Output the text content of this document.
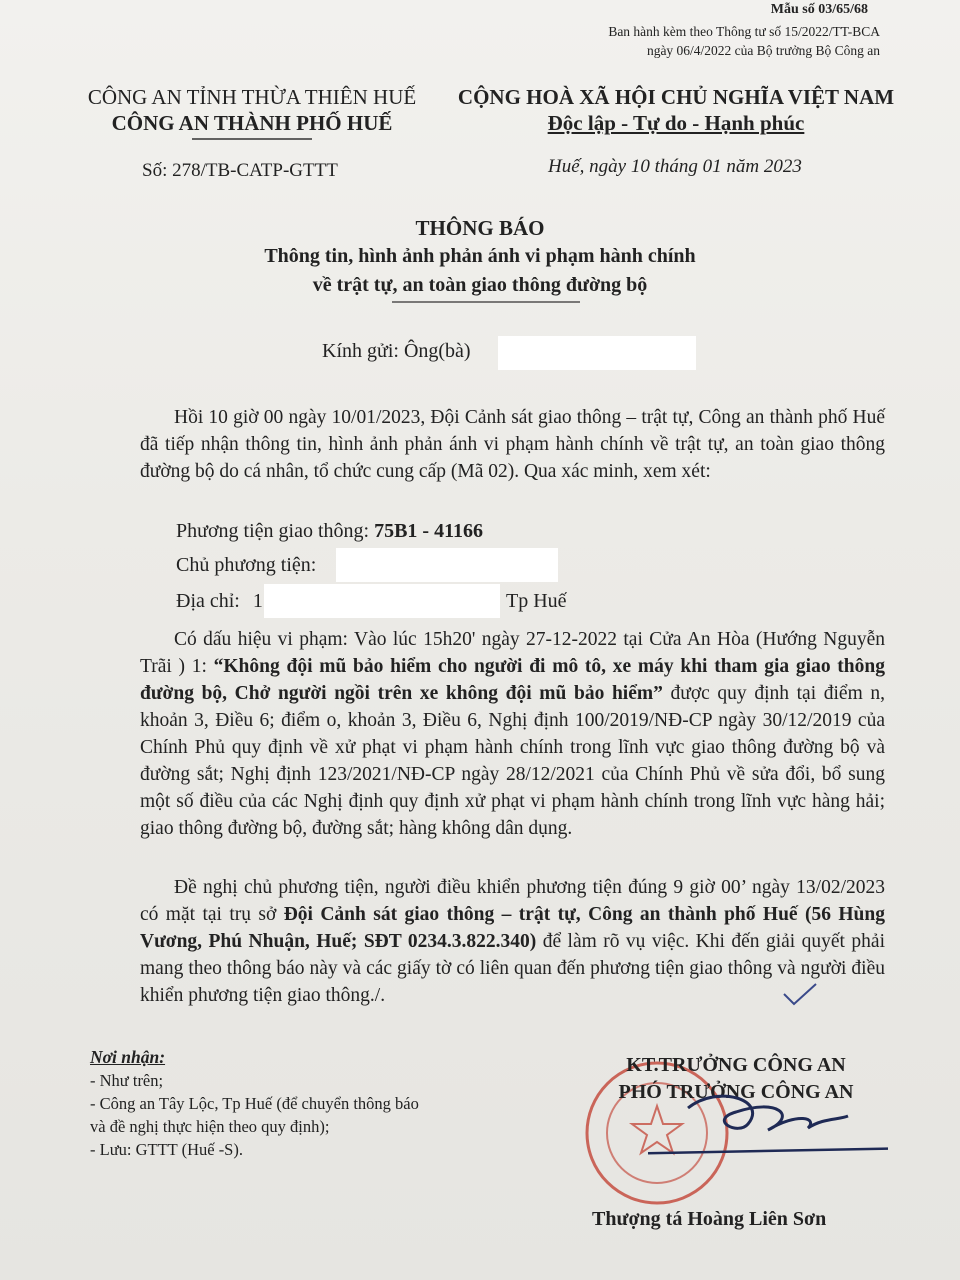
Mẫu số 03/65/68
Ban hành kèm theo Thông tư số 15/2022/TT-BCA
ngày 06/4/2022 của Bộ trưởng Bộ Công an
CÔNG AN TỈNH THỪA THIÊN HUẾ
CÔNG AN THÀNH PHỐ HUẾ
CỘNG HOÀ XÃ HỘI CHỦ NGHĨA VIỆT NAM
Độc lập - Tự do - Hạnh phúc
Số: 278/TB-CATP-GTTT	Huế, ngày 10 tháng 01 năm 2023
THÔNG BÁO
Thông tin, hình ảnh phản ánh vi phạm hành chính
về trật tự, an toàn giao thông đường bộ
Kính gửi: Ông(bà)

Hồi 10 giờ 00 ngày 10/01/2023, Đội Cảnh sát giao thông – trật tự, Công an thành phố Huế đã tiếp nhận thông tin, hình ảnh phản ánh vi phạm hành chính về trật tự, an toàn giao thông đường bộ do cá nhân, tổ chức cung cấp (Mã 02). Qua xác minh, xem xét:

Phương tiện giao thông: 75B1 - 41166
Chủ phương tiện:
Địa chỉ: 1	Tp Huế

Có dấu hiệu vi phạm: Vào lúc 15h20' ngày 27-12-2022 tại Cửa An Hòa (Hướng Nguyễn Trãi ) 1: “Không đội mũ bảo hiểm cho người đi mô tô, xe máy khi tham gia giao thông đường bộ, Chở người ngồi trên xe không đội mũ bảo hiểm” được quy định tại điểm n, khoản 3, Điều 6; điểm o, khoản 3, Điều 6, Nghị định 100/2019/NĐ-CP ngày 30/12/2019 của Chính Phủ quy định về xử phạt vi phạm hành chính trong lĩnh vực giao thông đường bộ và đường sắt; Nghị định 123/2021/NĐ-CP ngày 28/12/2021 của Chính Phủ về sửa đổi, bổ sung một số điều của các Nghị định quy định xử phạt vi phạm hành chính trong lĩnh vực hàng hải; giao thông đường bộ, đường sắt; hàng không dân dụng.

Đề nghị chủ phương tiện, người điều khiển phương tiện đúng 9 giờ 00’ ngày 13/02/2023 có mặt tại trụ sở Đội Cảnh sát giao thông – trật tự, Công an thành phố Huế (56 Hùng Vương, Phú Nhuận, Huế; SĐT 0234.3.822.340) để làm rõ vụ việc. Khi đến giải quyết phải mang theo thông báo này và các giấy tờ có liên quan đến phương tiện giao thông và người điều khiển phương tiện giao thông./.

Nơi nhận:
- Như trên;
- Công an Tây Lộc, Tp Huế (để chuyển thông báo
và đề nghị thực hiện theo quy định);
- Lưu: GTTT (Huế -S).
KT.TRƯỞNG CÔNG AN
PHÓ TRƯỞNG CÔNG AN
Thượng tá Hoàng Liên Sơn
